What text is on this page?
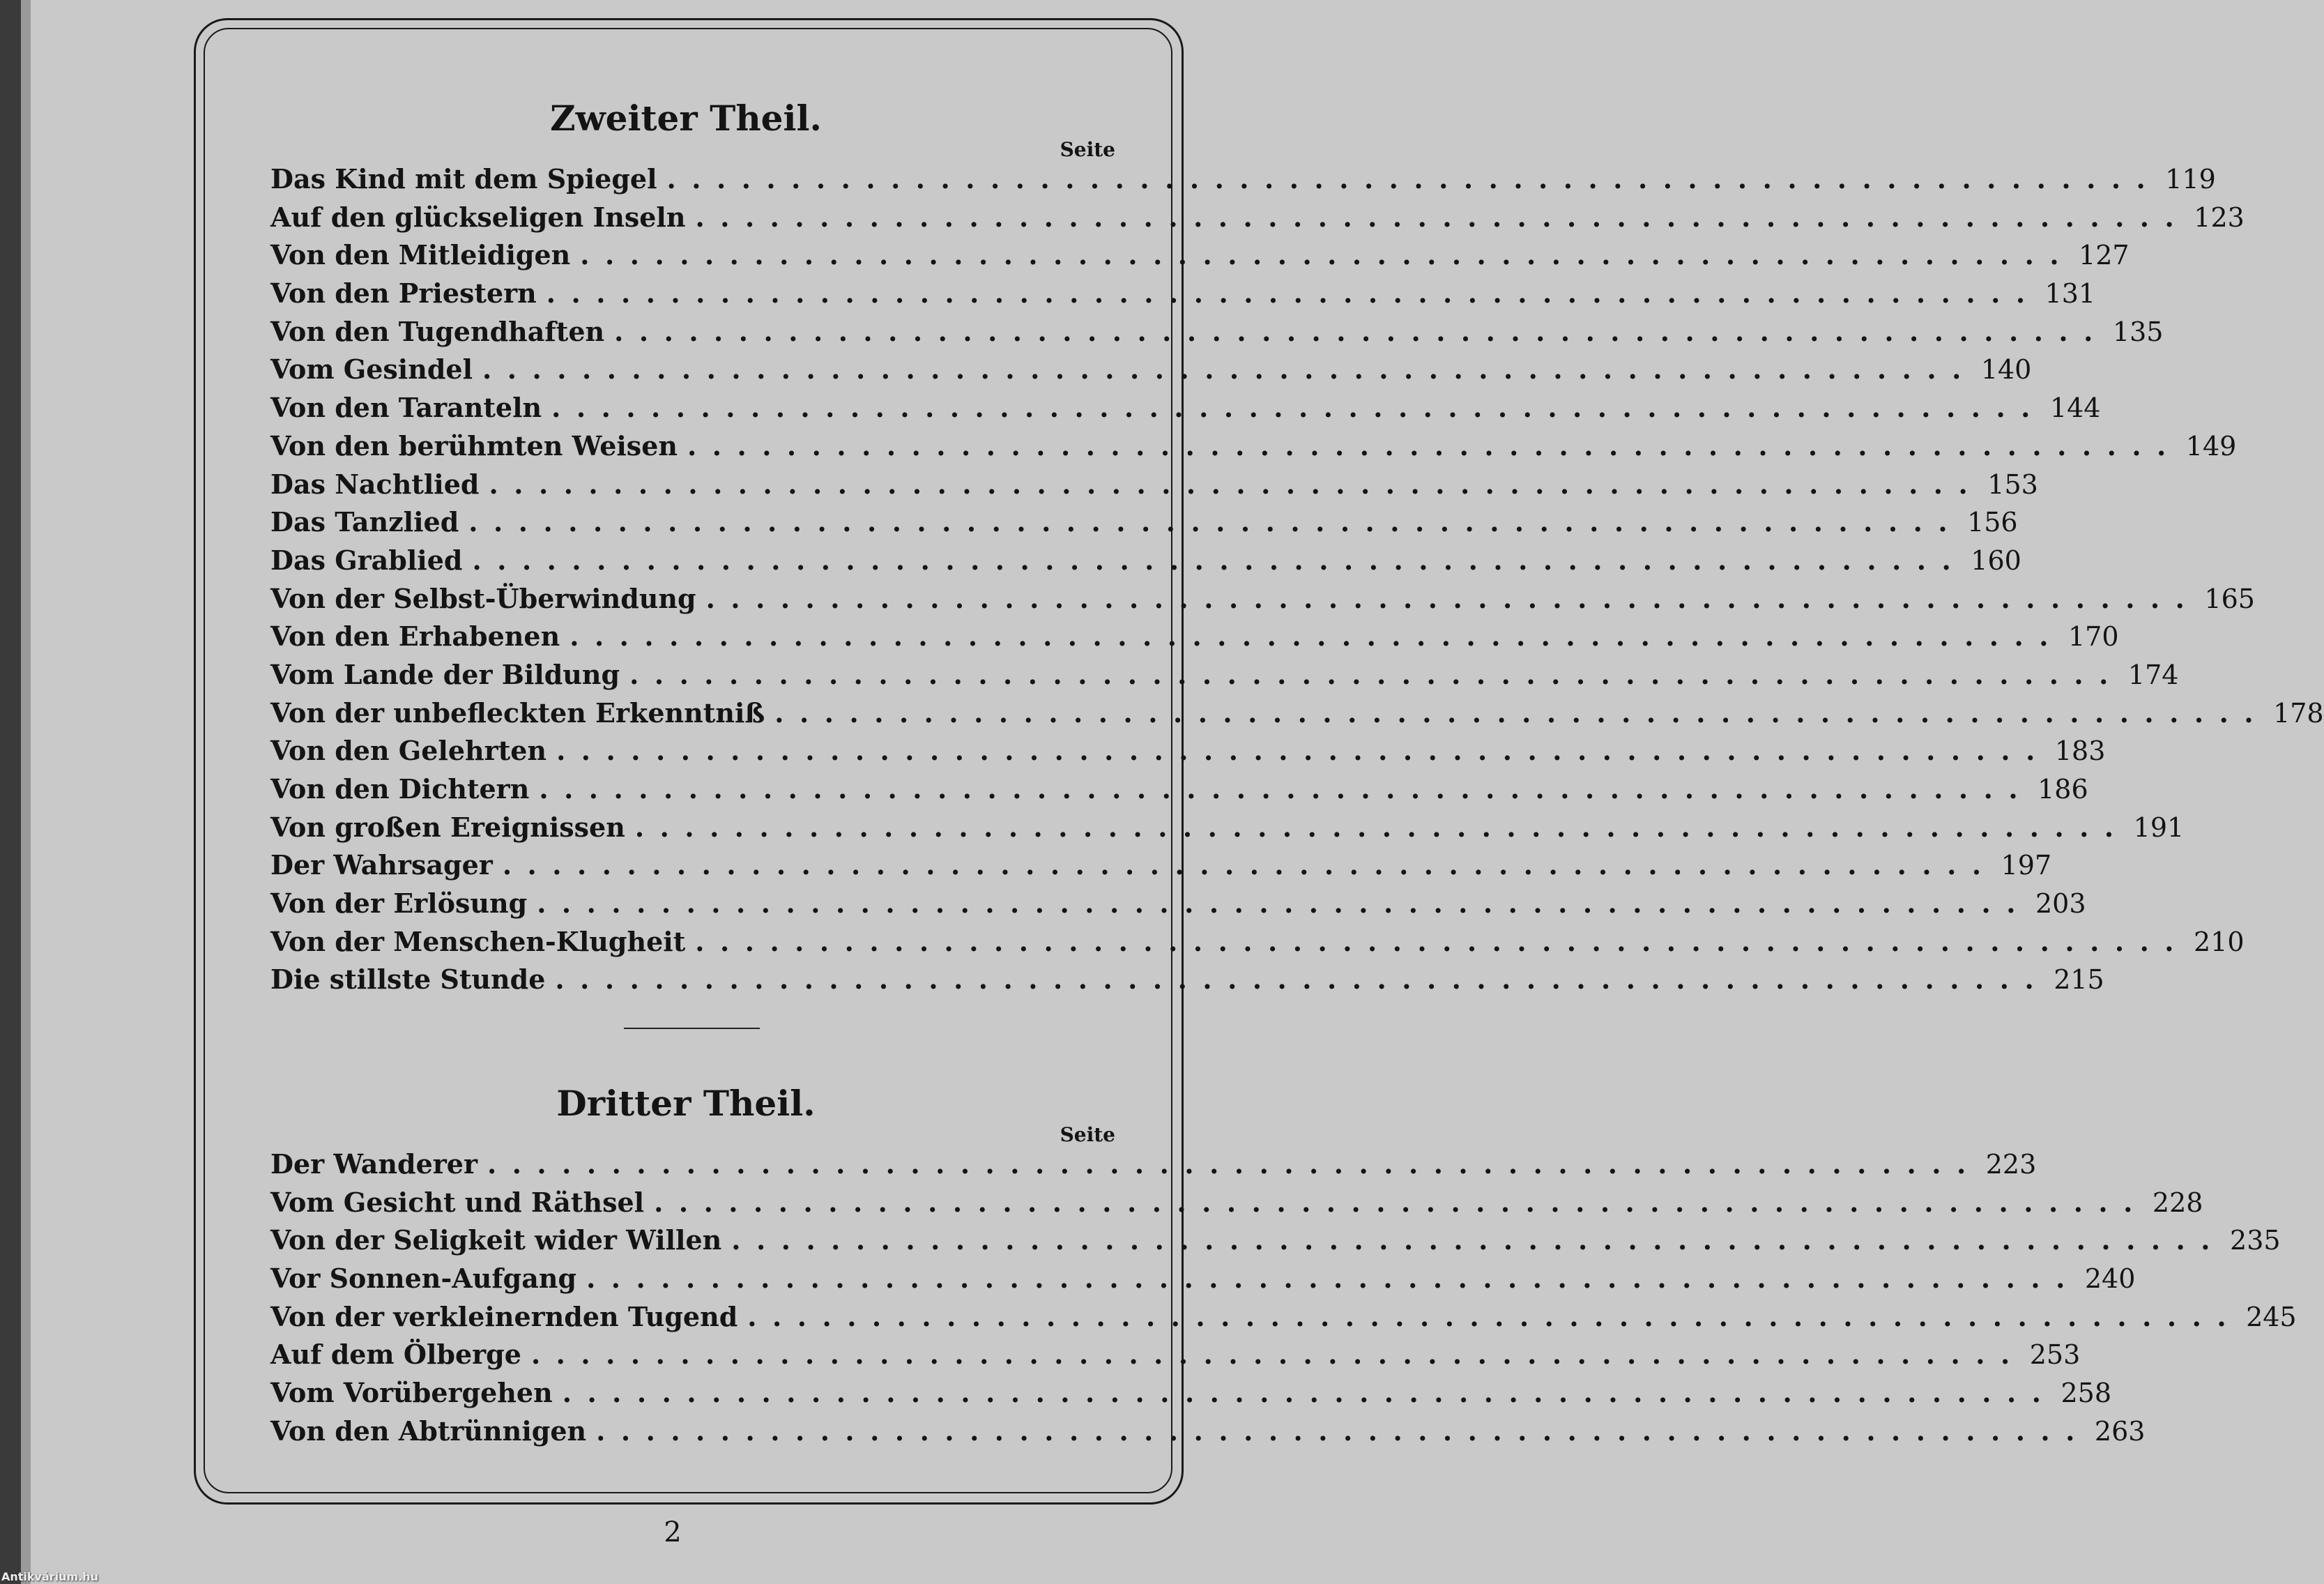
Zweiter Theil.
Seite
Das Kind mit dem Spiegel ............................................................ 119
Auf den glückseligen Inseln ............................................................ 123
Von den Mitleidigen ............................................................ 127
Von den Priestern ............................................................ 131
Von den Tugendhaften ............................................................ 135
Vom Gesindel ............................................................ 140
Von den Taranteln ............................................................ 144
Von den berühmten Weisen ............................................................ 149
Das Nachtlied ............................................................ 153
Das Tanzlied ............................................................ 156
Das Grablied ............................................................ 160
Von der Selbst-Überwindung ............................................................ 165
Von den Erhabenen ............................................................ 170
Vom Lande der Bildung ............................................................ 174
Von der unbefleckten Erkenntniß ............................................................ 178
Von den Gelehrten ............................................................ 183
Von den Dichtern ............................................................ 186
Von großen Ereignissen ............................................................ 191
Der Wahrsager ............................................................ 197
Von der Erlösung ............................................................ 203
Von der Menschen-Klugheit ............................................................ 210
Die stillste Stunde ............................................................ 215
Dritter Theil.
Seite
Der Wanderer ............................................................ 223
Vom Gesicht und Räthsel ............................................................ 228
Von der Seligkeit wider Willen ............................................................ 235
Vor Sonnen-Aufgang ............................................................ 240
Von der verkleinernden Tugend ............................................................ 245
Auf dem Ölberge ............................................................ 253
Vom Vorübergehen ............................................................ 258
Von den Abtrünnigen ............................................................ 263
2
Antikvárium.hu
